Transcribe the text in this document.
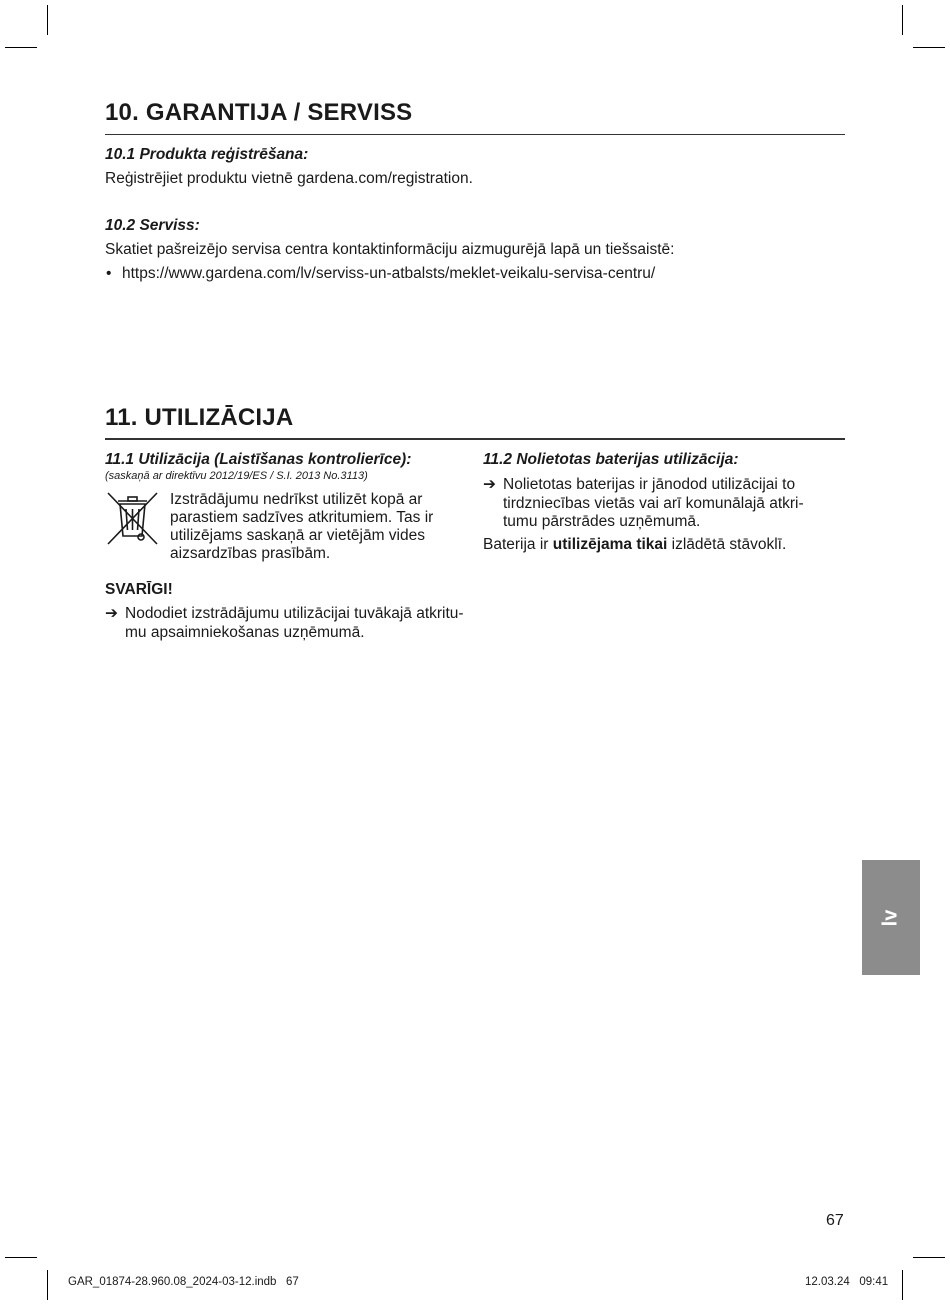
10. GARANTIJA / SERVISS
10.1 Produkta reģistrēšana:
Reģistrējiet produktu vietnē gardena.com/registration.
10.2 Serviss:
Skatiet pašreizējo servisa centra kontaktinformāciju aizmugurējā lapā un tiešsaistē:
• https://www.gardena.com/lv/serviss-un-atbalsts/meklet-veikalu-servisa-centru/
11. UTILIZĀCIJA
11.1 Utilizācija (Laistīšanas kontrolierīce):
(saskaņā ar direktīvu 2012/19/ES / S.I. 2013 No.3113)
Izstrādājumu nedrīkst utilizēt kopā ar
parastiem sadzīves atkritumiem. Tas ir
utilizējams saskaņā ar vietējām vides
aizsardzības prasībām.
SVARĪGI!
➔ Nododiet izstrādājumu utilizācijai tuvākajā atkritu-
mu apsaimniekošanas uzņēmumā.
11.2 Nolietotas baterijas utilizācija:
➔ Nolietotas baterijas ir jānodod utilizācijai to
tirdzniecības vietās vai arī komunālajā atkri-
tumu pārstrādes uzņēmumā.
Baterija ir utilizējama tikai izlādētā stāvoklī.
lv
67
GAR_01874-28.960.08_2024-03-12.indb   67	12.03.24   09:41
